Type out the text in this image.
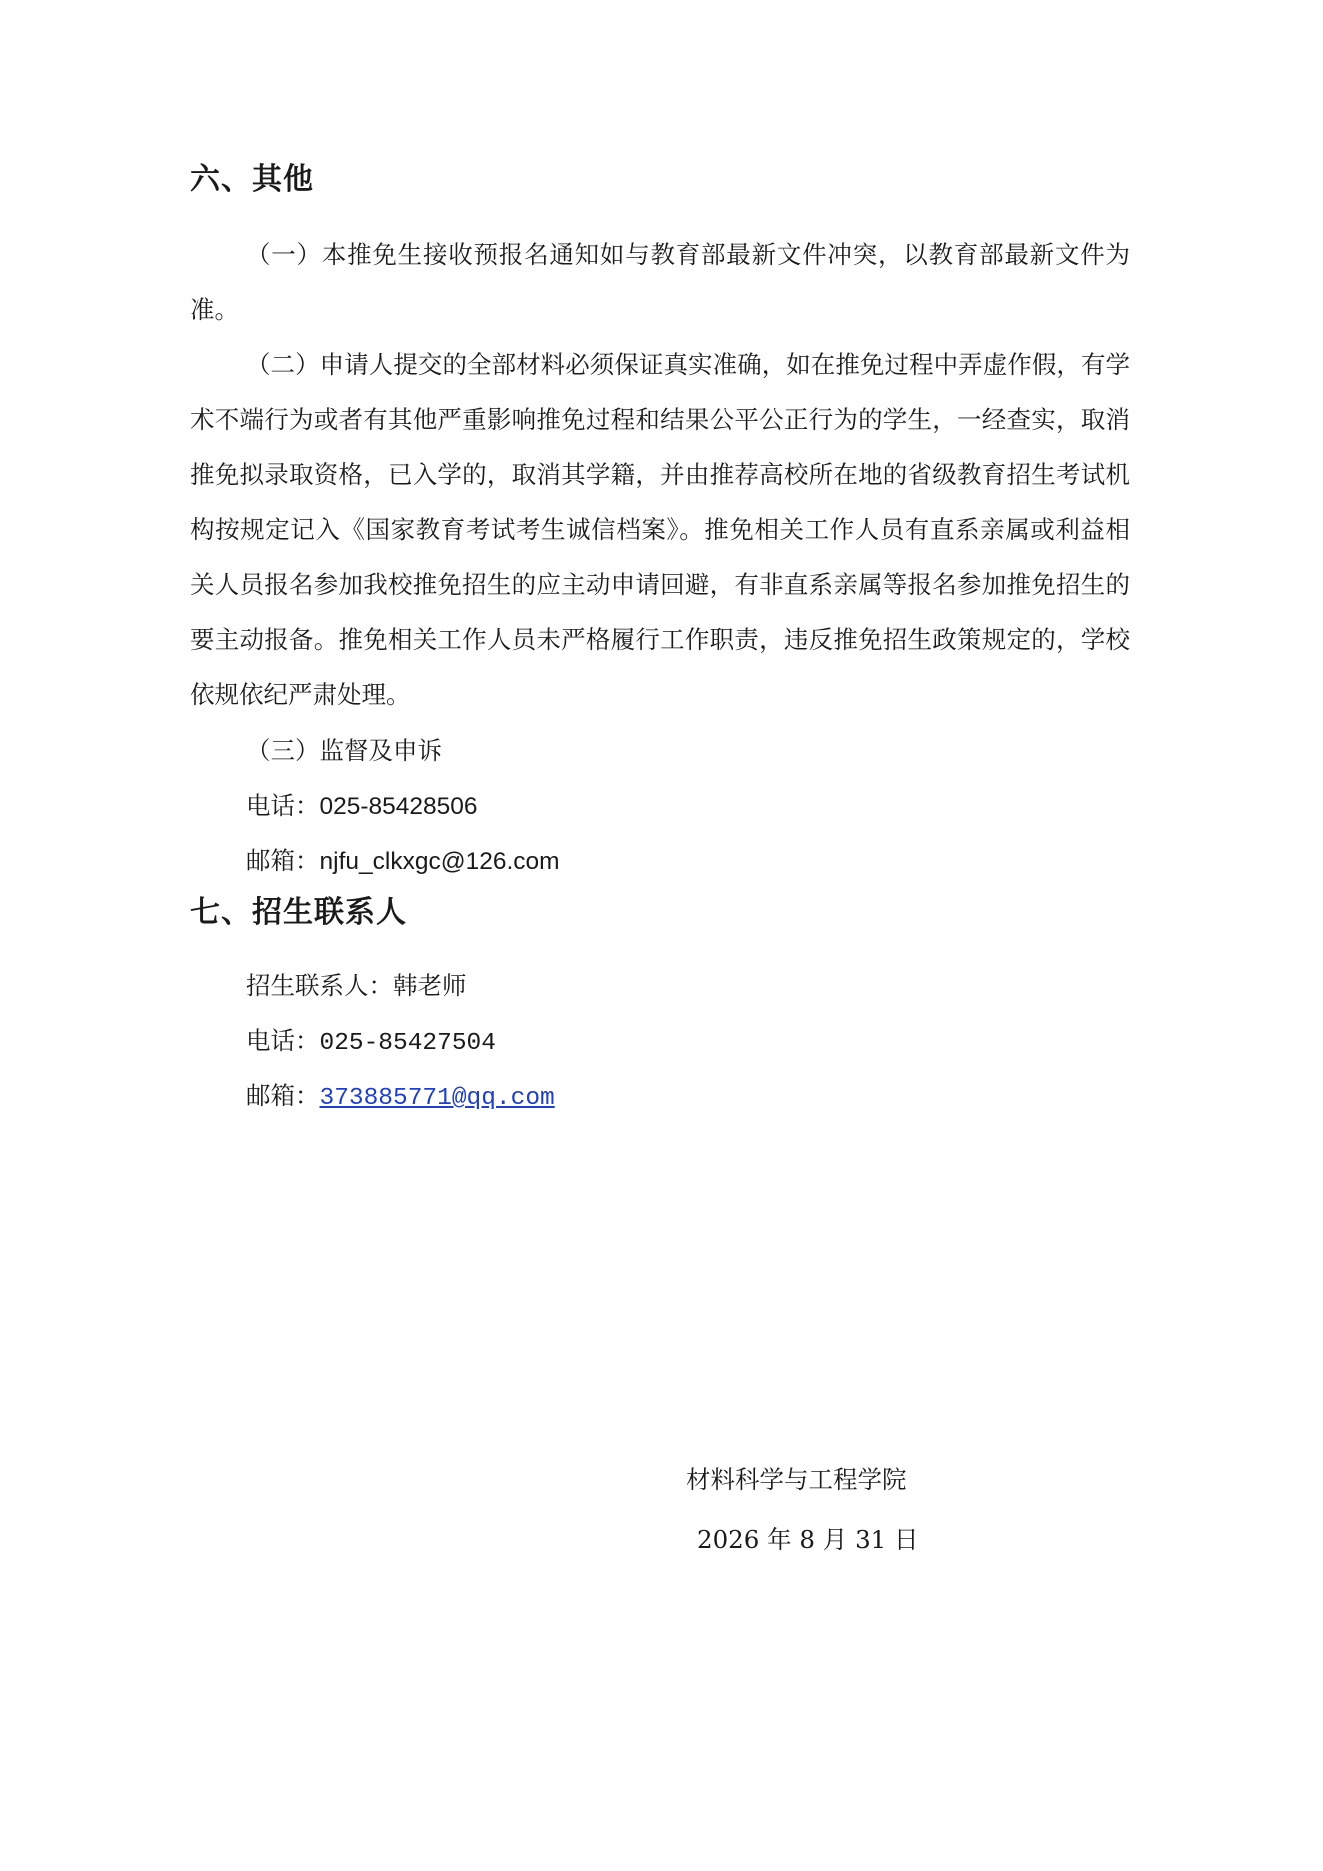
六、其他

（一）本推免生接收预报名通知如与教育部最新文件冲突，以教育部最新文件为准。

（二）申请人提交的全部材料必须保证真实准确，如在推免过程中弄虚作假，有学术不端行为或者有其他严重影响推免过程和结果公平公正行为的学生，一经查实，取消推免拟录取资格，已入学的，取消其学籍，并由推荐高校所在地的省级教育招生考试机构按规定记入《国家教育考试考生诚信档案》。推免相关工作人员有直系亲属或利益相关人员报名参加我校推免招生的应主动申请回避，有非直系亲属等报名参加推免招生的要主动报备。推免相关工作人员未严格履行工作职责，违反推免招生政策规定的，学校依规依纪严肃处理。

（三）监督及申诉
电话：025-85428506
邮箱：njfu_clkxgc@126.com
七、招生联系人
招生联系人：韩老师
电话：025-85427504
邮箱：373885771@qq.com
材料科学与工程学院
2026 年 8 月 31 日
